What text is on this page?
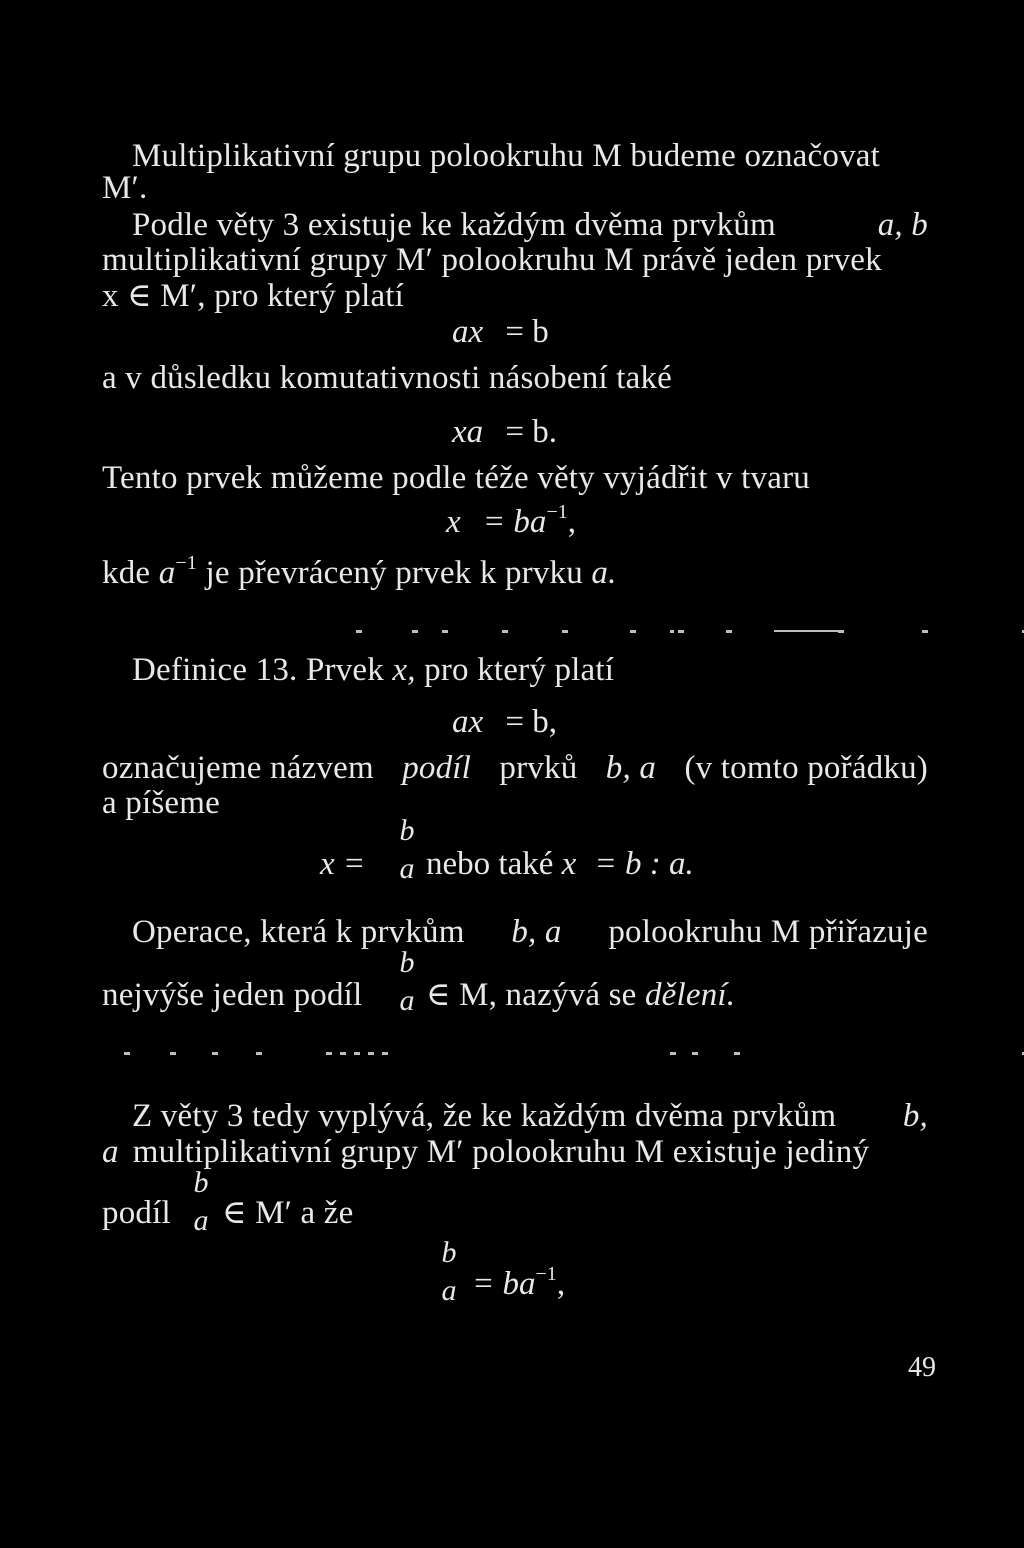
Multiplikativní grupu polookruhu M budeme označovat
M′.
Podle věty 3 existuje ke každým dvěma prvkům	a, b
multiplikativní grupy M′ polookruhu M právě jeden prvek
x ∈ M′, pro který platí
ax = b
a v důsledku komutativnosti násobení také
xa = b.
Tento prvek můžeme podle téže věty vyjádřit v tvaru
$x = ba^{-1}$,
kde $a^{-1}$ je převrácený prvek k prvku a.
Definice 13. Prvek x, pro který platí
ax = b,
označujeme názvem podíl prvků b, a (v tomto pořádku)
a píšeme
x =
b
a nebo také x = b : a.
Operace, která k prvkům b, a polookruhu M přiřazuje
nejvýše jeden podíl
b
a ∈ M, nazývá se dělení.
Z věty 3 tedy vyplývá, že ke každým dvěma prvkům b,
a multiplikativní grupy M′ polookruhu M existuje jediný
podíl
b
a ∈ M′ a že
b
$a = ba^{-1}$,
49
